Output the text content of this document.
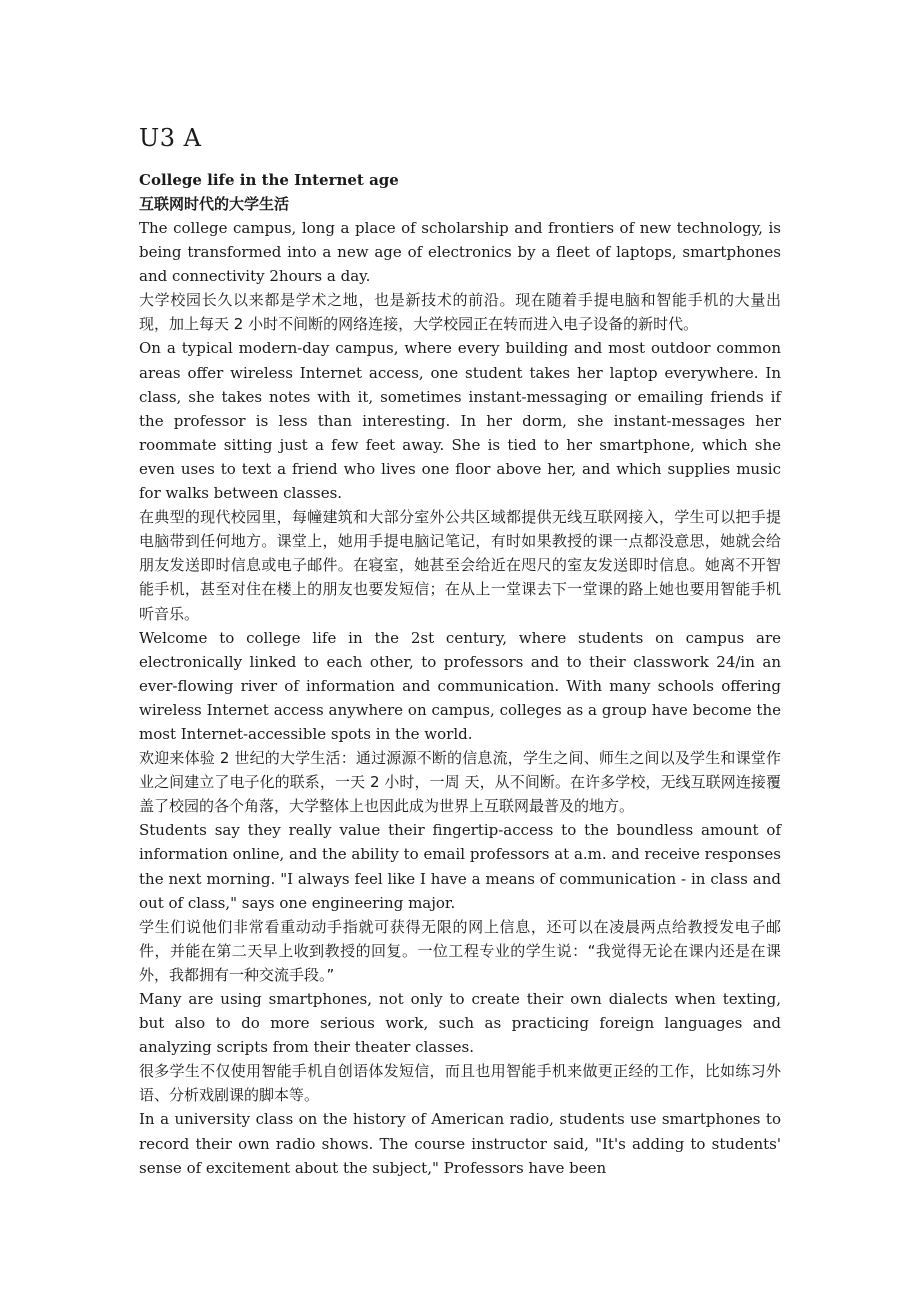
U3 A

College life in the Internet age

互联网时代的大学生活

The college campus, long a place of scholarship and frontiers of new technology, is being transformed into a new age of electronics by a fleet of laptops, smartphones and connectivity 2hours a day.

大学校园长久以来都是学术之地，也是新技术的前沿。现在随着手提电脑和智能手机的大量出现，加上每天 2 小时不间断的网络连接，大学校园正在转而进入电子设备的新时代。

On a typical modern-day campus, where every building and most outdoor common areas offer wireless Internet access, one student takes her laptop everywhere. In class, she takes notes with it, sometimes instant-messaging or emailing friends if the professor is less than interesting. In her dorm, she instant-messages her roommate sitting just a few feet away. She is tied to her smartphone, which she even uses to text a friend who lives one floor above her, and which supplies music for walks between classes.

在典型的现代校园里，每幢建筑和大部分室外公共区域都提供无线互联网接入，学生可以把手提电脑带到任何地方。课堂上，她用手提电脑记笔记，有时如果教授的课一点都没意思，她就会给朋友发送即时信息或电子邮件。在寝室，她甚至会给近在咫尺的室友发送即时信息。她离不开智能手机，甚至对住在楼上的朋友也要发短信；在从上一堂课去下一堂课的路上她也要用智能手机听音乐。

Welcome to college life in the 2st century, where students on campus are electronically linked to each other, to professors and to their classwork 24/in an ever-flowing river of information and communication. With many schools offering wireless Internet access anywhere on campus, colleges as a group have become the most Internet-accessible spots in the world.

欢迎来体验 2 世纪的大学生活：通过源源不断的信息流，学生之间、师生之间以及学生和课堂作业之间建立了电子化的联系，一天 2 小时，一周 天，从不间断。在许多学校，无线互联网连接覆盖了校园的各个角落，大学整体上也因此成为世界上互联网最普及的地方。

Students say they really value their fingertip-access to the boundless amount of information online, and the ability to email professors at a.m. and receive responses the next morning. "I always feel like I have a means of communication - in class and out of class," says one engineering major.

学生们说他们非常看重动动手指就可获得无限的网上信息，还可以在凌晨两点给教授发电子邮件，并能在第二天早上收到教授的回复。一位工程专业的学生说：“我觉得无论在课内还是在课外，我都拥有一种交流手段。”

Many are using smartphones, not only to create their own dialects when texting, but also to do more serious work, such as practicing foreign languages and analyzing scripts from their theater classes.

很多学生不仅使用智能手机自创语体发短信，而且也用智能手机来做更正经的工作，比如练习外语、分析戏剧课的脚本等。

In a university class on the history of American radio, students use smartphones to record their own radio shows. The course instructor said, "It's adding to students' sense of excitement about the subject," Professors have been
